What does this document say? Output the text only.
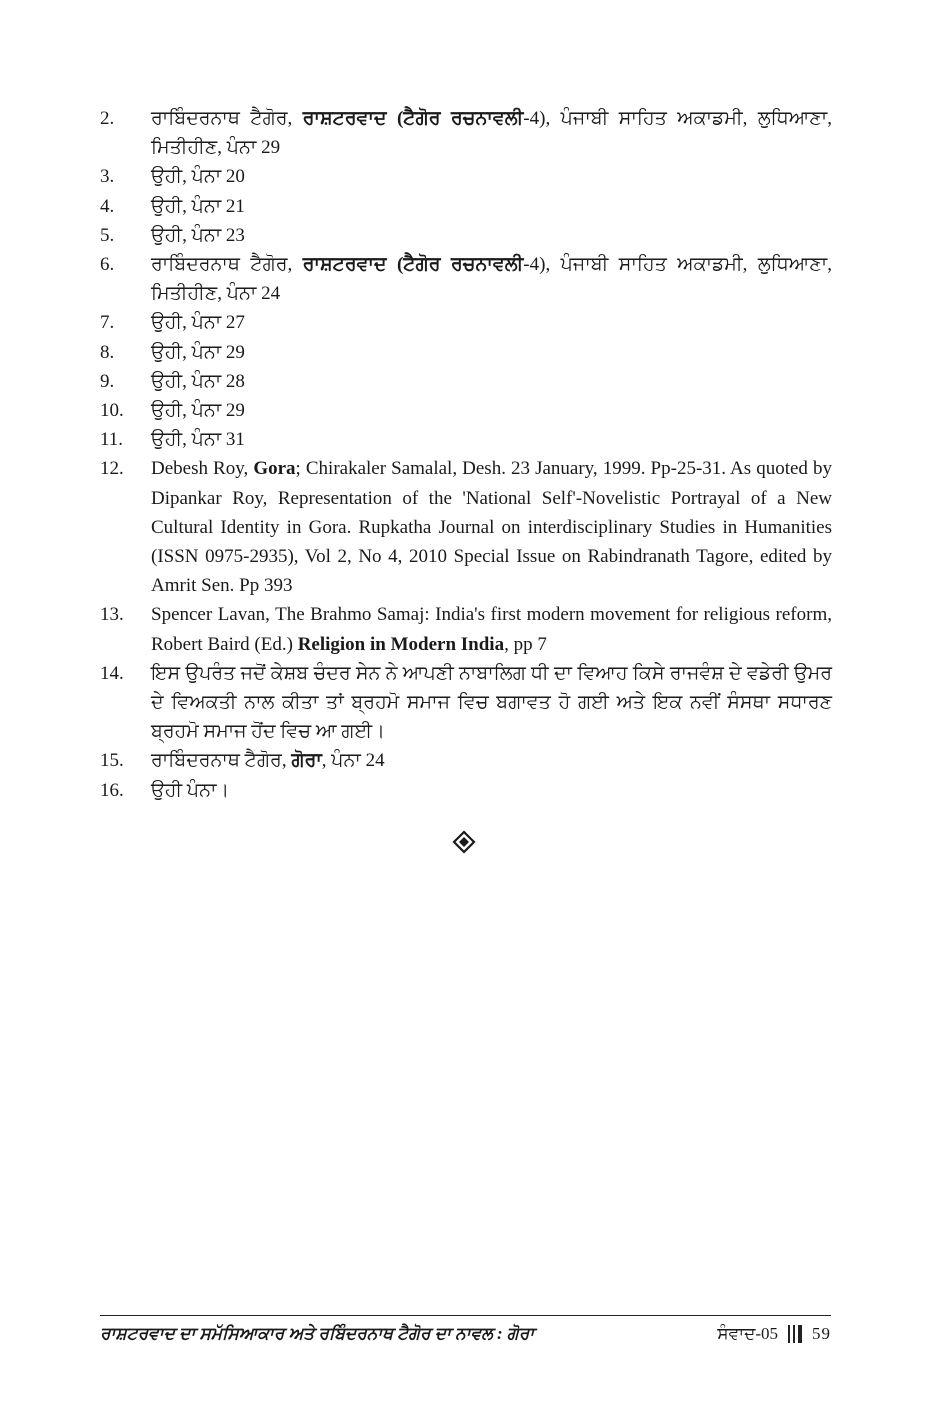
2.	ਰਾਬਿੰਦਰਨਾਥ ਟੈਗੋਰ, ਰਾਸ਼ਟਰਵਾਦ (ਟੈਗੋਰ ਰਚਨਾਵਲੀ-4), ਪੰਜਾਬੀ ਸਾਹਿਤ ਅਕਾਡਮੀ, ਲੁਧਿਆਣਾ, ਮਿਤੀਹੀਣ, ਪੰਨਾ 29
3.	ਉਹੀ, ਪੰਨਾ 20
4.	ਉਹੀ, ਪੰਨਾ 21
5.	ਉਹੀ, ਪੰਨਾ 23
6.	ਰਾਬਿੰਦਰਨਾਥ ਟੈਗੋਰ, ਰਾਸ਼ਟਰਵਾਦ (ਟੈਗੋਰ ਰਚਨਾਵਲੀ-4), ਪੰਜਾਬੀ ਸਾਹਿਤ ਅਕਾਡਮੀ, ਲੁਧਿਆਣਾ, ਮਿਤੀਹੀਣ, ਪੰਨਾ 24
7.	ਉਹੀ, ਪੰਨਾ 27
8.	ਉਹੀ, ਪੰਨਾ 29
9.	ਉਹੀ, ਪੰਨਾ 28
10.	ਉਹੀ, ਪੰਨਾ 29
11.	ਉਹੀ, ਪੰਨਾ 31
12.	Debesh Roy, Gora; Chirakaler Samalal, Desh. 23 January, 1999. Pp-25-31. As quoted by Dipankar Roy, Representation of the 'National Self'-Novelistic Portrayal of a New Cultural Identity in Gora. Rupkatha Journal on interdisciplinary Studies in Humanities (ISSN 0975-2935), Vol 2, No 4, 2010 Special Issue on Rabindranath Tagore, edited by Amrit Sen. Pp 393
13.	Spencer Lavan, The Brahmo Samaj: India's first modern movement for religious reform, Robert Baird (Ed.) Religion in Modern India, pp 7
14.	ਇਸ ਉਪਰੰਤ ਜਦੋਂ ਕੇਸ਼ਬ ਚੰਦਰ ਸੇਨ ਨੇ ਆਪਣੀ ਨਾਬਾਲਿਗ ਧੀ ਦਾ ਵਿਆਹ ਕਿਸੇ ਰਾਜਵੰਸ਼ ਦੇ ਵਡੇਰੀ ਉਮਰ ਦੇ ਵਿਅਕਤੀ ਨਾਲ ਕੀਤਾ ਤਾਂ ਬ੍ਰਹਮੋ ਸਮਾਜ ਵਿਚ ਬਗਾਵਤ ਹੋ ਗਈ ਅਤੇ ਇਕ ਨਵੀਂ ਸੰਸਥਾ ਸਧਾਰਣ ਬ੍ਰਹਮੋ ਸਮਾਜ ਹੋਂਦ ਵਿਚ ਆ ਗਈ।
15.	ਰਾਬਿੰਦਰਨਾਥ ਟੈਗੋਰ, ਗੋਰਾ, ਪੰਨਾ 24
16.	ਉਹੀ ਪੰਨਾ।
ਰਾਸ਼ਟਰਵਾਦ ਦਾ ਸਮੱਸਿਆਕਾਰ ਅਤੇ ਰਬਿੰਦਰਨਾਥ ਟੈਗੋਰ ਦਾ ਨਾਵਲ : ਗੋਰਾ	ਸੰਵਾਦ-05 59
